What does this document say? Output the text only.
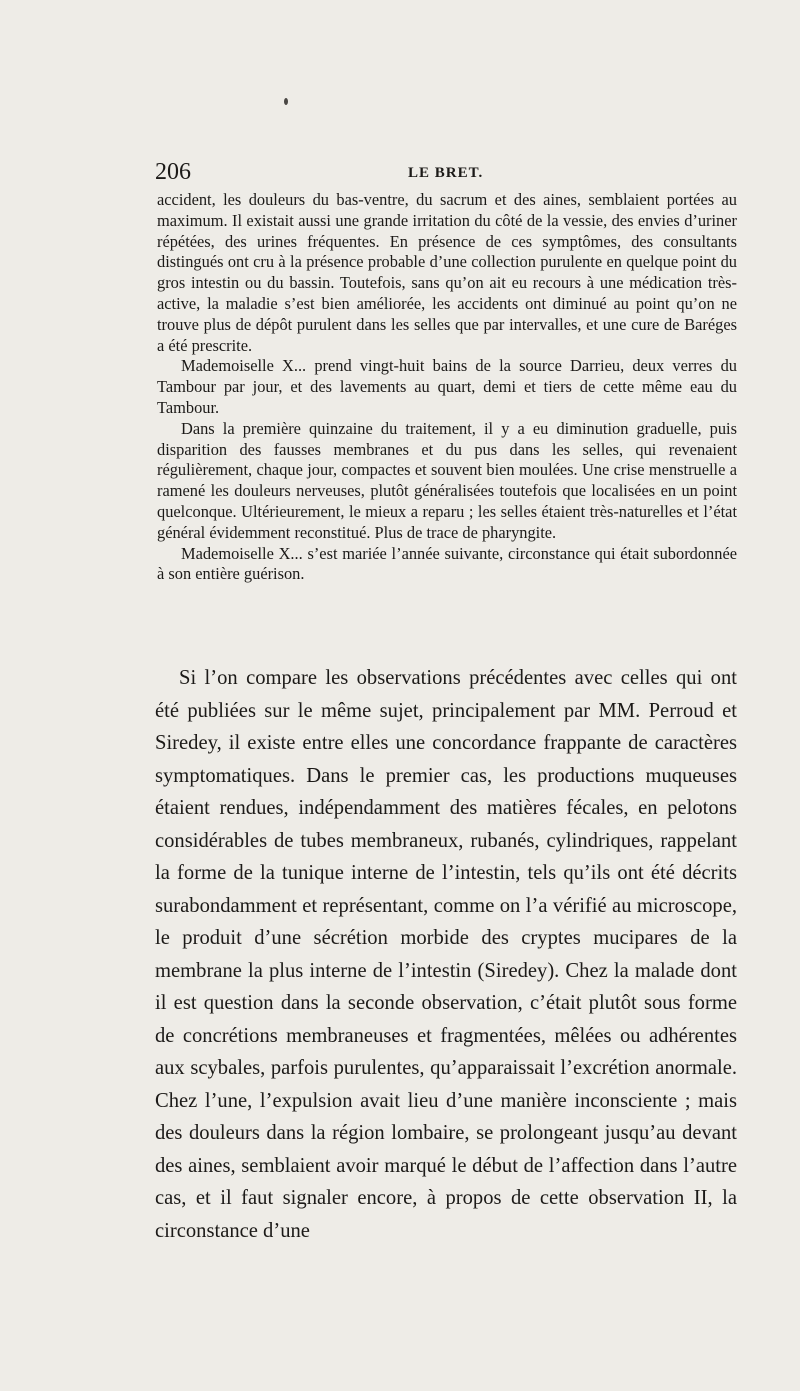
206	LE BRET.

accident, les douleurs du bas-ventre, du sacrum et des aines, semblaient portées au maximum. Il existait aussi une grande irritation du côté de la vessie, des envies d’uriner répétées, des urines fréquentes. En présence de ces symptômes, des consultants distingués ont cru à la présence probable d’une collection purulente en quelque point du gros intestin ou du bassin. Toutefois, sans qu’on ait eu recours à une médication très-active, la maladie s’est bien améliorée, les accidents ont diminué au point qu’on ne trouve plus de dépôt purulent dans les selles que par intervalles, et une cure de Baréges a été prescrite.

Mademoiselle X... prend vingt-huit bains de la source Darrieu, deux verres du Tambour par jour, et des lavements au quart, demi et tiers de cette même eau du Tambour.

Dans la première quinzaine du traitement, il y a eu diminution graduelle, puis disparition des fausses membranes et du pus dans les selles, qui revenaient régulièrement, chaque jour, compactes et souvent bien moulées. Une crise menstruelle a ramené les douleurs nerveuses, plutôt généralisées toutefois que localisées en un point quelconque. Ultérieurement, le mieux a reparu ; les selles étaient très-naturelles et l’état général évidemment reconstitué. Plus de trace de pharyngite.

Mademoiselle X... s’est mariée l’année suivante, circonstance qui était subordonnée à son entière guérison.

Si l’on compare les observations précédentes avec celles qui ont été publiées sur le même sujet, principalement par MM. Perroud et Siredey, il existe entre elles une concordance frappante de caractères symptomatiques. Dans le premier cas, les productions muqueuses étaient rendues, indépendamment des matières fécales, en pelotons considérables de tubes membraneux, rubanés, cylindriques, rappelant la forme de la tunique interne de l’intestin, tels qu’ils ont été décrits surabondamment et représentant, comme on l’a vérifié au microscope, le produit d’une sécrétion morbide des cryptes mucipares de la membrane la plus interne de l’intestin (Siredey). Chez la malade dont il est question dans la seconde observation, c’était plutôt sous forme de concrétions membraneuses et fragmentées, mêlées ou adhérentes aux scybales, parfois purulentes, qu’apparaissait l’excrétion anormale. Chez l’une, l’expulsion avait lieu d’une manière inconsciente ; mais des douleurs dans la région lombaire, se prolongeant jusqu’au devant des aines, semblaient avoir marqué le début de l’affection dans l’autre cas, et il faut signaler encore, à propos de cette observation II, la circonstance d’une
